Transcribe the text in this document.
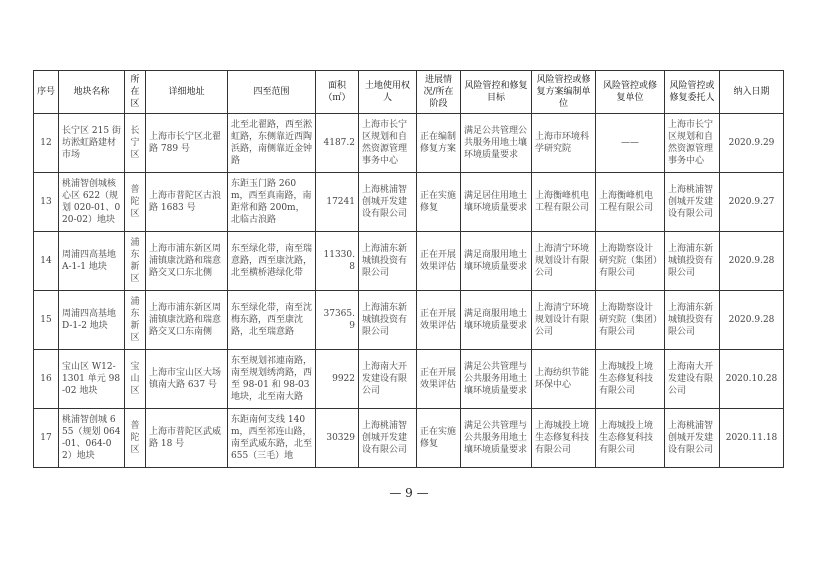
序号	地块名称	所在区	详细地址	四至范围	面积（㎡）	土地使用权人	进展情况/所在阶段	风险管控和修复目标	风险管控或修复方案编制单位	风险管控或修复单位	风险管控或修复委托人	纳入日期
12	长宁区 215 街坊淞虹路建材市场	长宁区	上海市长宁区北翟路 789 号	北至北翟路，西至淞虹路，东侧靠近西陶浜路，南侧靠近金钟路	4187.2	上海市长宁区规划和自然资源管理事务中心	正在编制修复方案	满足公共管理公共服务用地土壤环境质量要求	上海市环境科学研究院	——	上海市长宁区规划和自然资源管理事务中心	2020.9.29
13	桃浦智创城核心区 622（规划 020-01、020-02）地块	普陀区	上海市普陀区古浪路 1683 号	东距玉门路 260m，西至真南路，南距常和路 200m，北临古浪路	17241	上海桃浦智创城开发建设有限公司	正在实施修复	满足居住用地土壤环境质量要求	上海衡峰机电工程有限公司	上海衡峰机电工程有限公司	上海桃浦智创城开发建设有限公司	2020.9.27
14	周浦四高基地 A-1-1 地块	浦东新区	上海市浦东新区周浦镇康沈路和瑞意路交叉口东北侧	东至绿化带，南至瑞意路，西至康沈路，北至横桥港绿化带	11330.8	上海浦东新城镇投资有限公司	正在开展效果评估	满足商服用地土壤环境质量要求	上海清宁环境规划设计有限公司	上海勘察设计研究院（集团）有限公司	上海浦东新城镇投资有限公司	2020.9.28
15	周浦四高基地 D-1-2 地块	浦东新区	上海市浦东新区周浦镇康沈路和瑞意路交叉口东南侧	东至绿化带，南至沈梅东路，西至康沈路，北至瑞意路	37365.9	上海浦东新城镇投资有限公司	正在开展效果评估	满足商服用地土壤环境质量要求	上海清宁环境规划设计有限公司	上海勘察设计研究院（集团）有限公司	上海浦东新城镇投资有限公司	2020.9.28
16	宝山区 W12-1301 单元 98-02 地块	宝山区	上海市宝山区大场镇南大路 637 号	东至规划祁連南路，南至规划绣湾路，西至 98-01 和 98-03 地块，北至南大路	9922	上海南大开发建设有限公司	正在开展效果评估	满足公共管理与公共服务用地土壤环境质量要求	上海纺织节能环保中心	上海城投上境生态修复科技有限公司	上海南大开发建设有限公司	2020.10.28
17	桃浦智创城 655（规划 064-01、064-02）地块	普陀区	上海市普陀区武威路 18 号	东距南何支线 140m，西至祁连山路，南至武威东路，北至 655（三毛）地	30329	上海桃浦智创城开发建设有限公司	正在实施修复	满足公共管理与公共服务用地土壤环境质量要求	上海城投上境生态修复科技有限公司	上海城投上境生态修复科技有限公司	上海桃浦智创城开发建设有限公司	2020.11.18
— 9 —
